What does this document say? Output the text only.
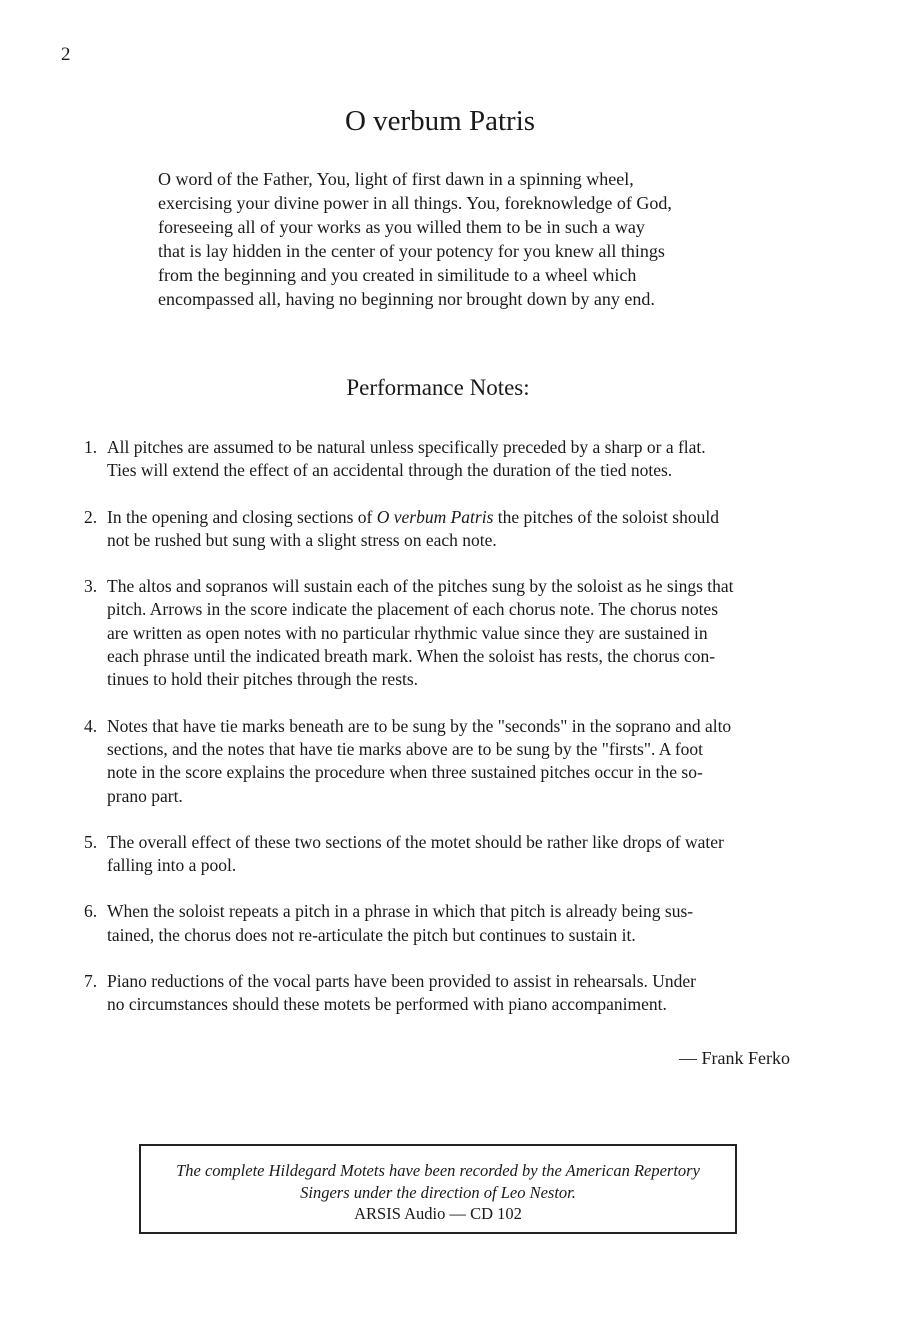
2
O verbum Patris

O word of the Father, You, light of first dawn in a spinning wheel,
exercising your divine power in all things. You, foreknowledge of God,
foreseeing all of your works as you willed them to be in such a way
that is lay hidden in the center of your potency for you knew all things
from the beginning and you created in similitude to a wheel which
encompassed all, having no beginning nor brought down by any end.

Performance Notes:
1. All pitches are assumed to be natural unless specifically preceded by a sharp or a flat.
Ties will extend the effect of an accidental through the duration of the tied notes.
2. In the opening and closing sections of O verbum Patris the pitches of the soloist should
not be rushed but sung with a slight stress on each note.
3. The altos and sopranos will sustain each of the pitches sung by the soloist as he sings that
pitch. Arrows in the score indicate the placement of each chorus note. The chorus notes
are written as open notes with no particular rhythmic value since they are sustained in
each phrase until the indicated breath mark. When the soloist has rests, the chorus con-
tinues to hold their pitches through the rests.
4. Notes that have tie marks beneath are to be sung by the "seconds" in the soprano and alto
sections, and the notes that have tie marks above are to be sung by the "firsts". A foot
note in the score explains the procedure when three sustained pitches occur in the so-
prano part.
5. The overall effect of these two sections of the motet should be rather like drops of water
falling into a pool.
6. When the soloist repeats a pitch in a phrase in which that pitch is already being sus-
tained, the chorus does not re-articulate the pitch but continues to sustain it.
7. Piano reductions of the vocal parts have been provided to assist in rehearsals. Under
no circumstances should these motets be performed with piano accompaniment.
— Frank Ferko
The complete Hildegard Motets have been recorded by the American Repertory
Singers under the direction of Leo Nestor.
ARSIS Audio — CD 102
